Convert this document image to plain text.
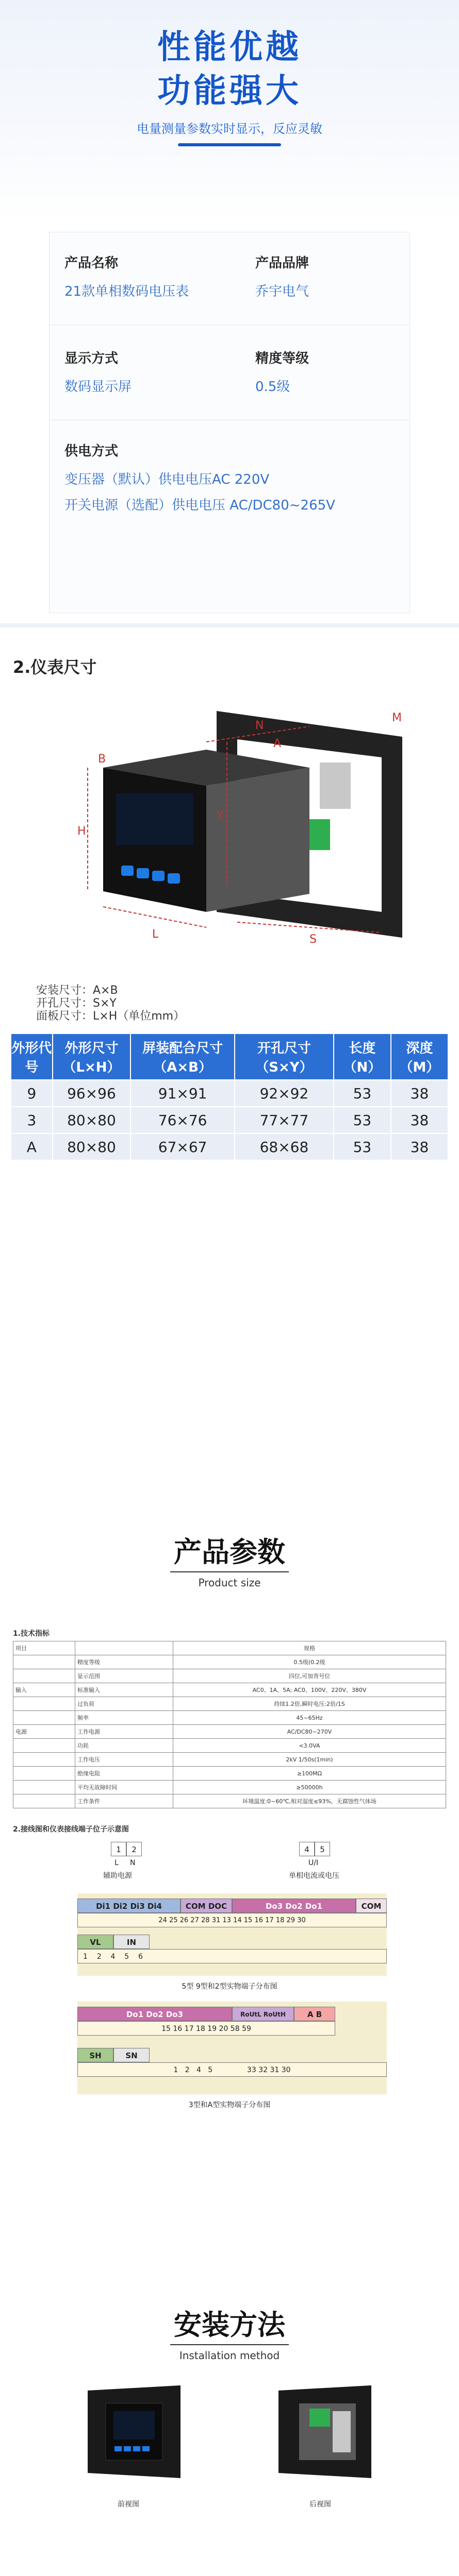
性能优越
功能强大
电量测量参数实时显示，反应灵敏
产品名称
21款单相数码电压表
产品品牌
乔宇电气
显示方式
数码显示屏
精度等级
0.5级
供电方式
变压器（默认）供电电压AC 220V
开关电源（选配）供电电压 AC/DC80~265V
2.仪表尺寸
H
L
N
Y
S
M
A
B
安装尺寸：A×B
开孔尺寸：S×Y
面板尺寸：L×H（单位mm）
外形代号	外形尺寸（L×H）	屏装配合尺寸（A×B）	开孔尺寸（S×Y）	长度（N）	深度（M）
9	96×96	91×91	92×92	53	38
3	80×80	76×76	77×77	53	38
A	80×80	67×67	68×68	53	38
产品参数
Product size
1.技术指标
项目		规格
	精度等级	0.5级(0.2级
	显示范围	四位,可加背号位
输入	标准输入	AC0、1A、5A; AC0、100V、220V、380V
	过负荷	持续1.2倍,瞬时电压:2倍/1S
	频率	45~65Hz
电源	工作电源	AC/DC80~270V
	功耗	<3.0VA
	工作电压	2kV 1/50s(1min)
	绝缘电阻	≥100MΩ
	平均无故障时间	≥50000h
	工作条件	环境温度:0~60℃,相对湿度≤93%，无腐蚀性气体场
2.接线图和仪表接线端子位子示意图
1	2
L N
辅助电源
4	5
U/I
单相电流或电压
Di1 Di2 Di3 Di4	COM DOC	Do3 Do2 Do1	COM
24 25 26 27 28 31 13 14 15 16 17 18 29 30
VL	IN
1 2 4 5 6
5型 9型和2型实物端子分布图
Do1 Do2 Do3	RoUtL RoUtH	A B
15 16 17 18 19 20 58 59
SH	SN
1 2 4 5	33 32 31 30
3型和A型实物端子分布图
安装方法
Installation method
前视图	后视图
